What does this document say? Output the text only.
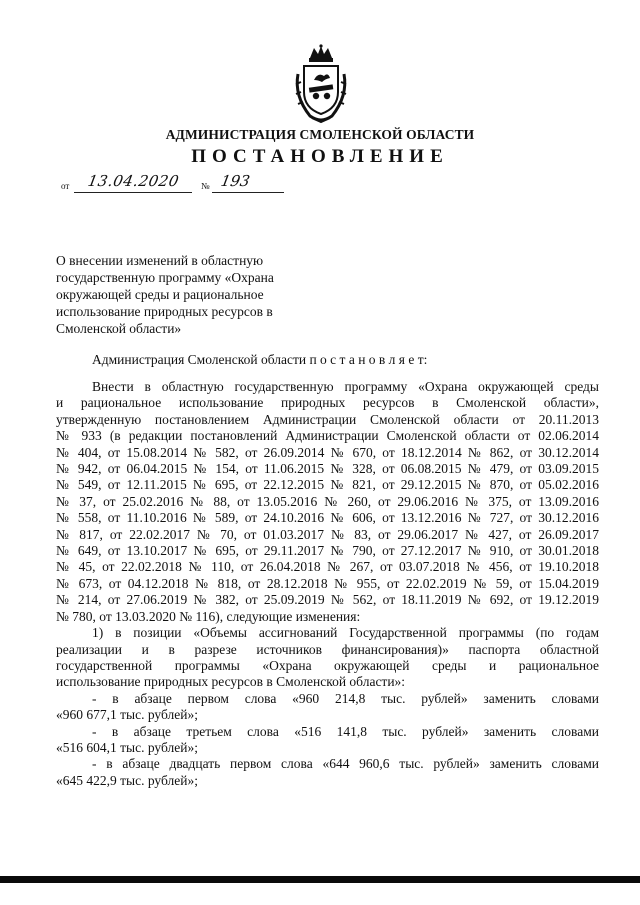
АДМИНИСТРАЦИЯ СМОЛЕНСКОЙ ОБЛАСТИ
ПОСТАНОВЛЕНИЕ
от 13.04.2020 № 193
О внесении изменений в областную
государственную программу «Охрана
окружающей среды и рациональное
использование природных ресурсов в
Смоленской области»
Администрация Смоленской области п о с т а н о в л я е т:
Внести в областную государственную программу «Охрана окружающей среды
и рациональное использование природных ресурсов в Смоленской области»,
утвержденную постановлением Администрации Смоленской области от 20.11.2013
№ 933 (в редакции постановлений Администрации Смоленской области от 02.06.2014
№ 404, от 15.08.2014 № 582, от 26.09.2014 № 670, от 18.12.2014 № 862, от 30.12.2014
№ 942, от 06.04.2015 № 154, от 11.06.2015 № 328, от 06.08.2015 № 479, от 03.09.2015
№ 549, от 12.11.2015 № 695, от 22.12.2015 № 821, от 29.12.2015 № 870, от 05.02.2016
№ 37, от 25.02.2016 № 88, от 13.05.2016 № 260, от 29.06.2016 № 375, от 13.09.2016
№ 558, от 11.10.2016 № 589, от 24.10.2016 № 606, от 13.12.2016 № 727, от 30.12.2016
№ 817, от 22.02.2017 № 70, от 01.03.2017 № 83, от 29.06.2017 № 427, от 26.09.2017
№ 649, от 13.10.2017 № 695, от 29.11.2017 № 790, от 27.12.2017 № 910, от 30.01.2018
№ 45, от 22.02.2018 № 110, от 26.04.2018 № 267, от 03.07.2018 № 456, от 19.10.2018
№ 673, от 04.12.2018 № 818, от 28.12.2018 № 955, от 22.02.2019 № 59, от 15.04.2019
№ 214, от 27.06.2019 № 382, от 25.09.2019 № 562, от 18.11.2019 № 692, от 19.12.2019
№ 780, от 13.03.2020 № 116), следующие изменения:
1) в позиции «Объемы ассигнований Государственной программы (по годам
реализации и в разрезе источников финансирования)» паспорта областной
государственной программы «Охрана окружающей среды и рациональное
использование природных ресурсов в Смоленской области»:
- в абзаце первом слова «960 214,8 тыс. рублей» заменить словами
«960 677,1 тыс. рублей»;
- в абзаце третьем слова «516 141,8 тыс. рублей» заменить словами
«516 604,1 тыс. рублей»;
- в абзаце двадцать первом слова «644 960,6 тыс. рублей» заменить словами
«645 422,9 тыс. рублей»;
